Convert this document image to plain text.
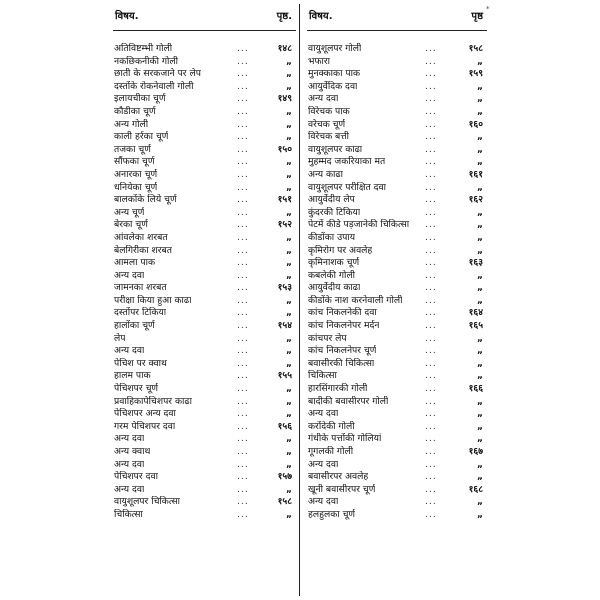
*
विषय.	पृष्ठ.
अतिविष्टम्भी गोली	...	१४८
नकछिकनीकी गोली	...	„
छाती के सरकजाने पर लेप	...	„
दस्तोंके रोकनेवाली गोली	...	„
इलायचीका चूर्ण	...	१४९
कौडीका चूर्ण	...	„
अन्य गोली	...	„
काली हर्रका चूर्ण	...	„
तजका चूर्ण	...	१५०
सौंफका चूर्ण	...	„
अनारका चूर्ण	...	„
धनियेका चूर्ण	...	„
बालकोंके लिये चूर्ण	...	१५१
अन्य चूर्ण	...	„
बेरका चूर्ण	...	१५२
आंवलेका शरबत	...	„
बेलगिरीका शरबत	...	„
आमला पाक	...	„
अन्य दवा	...	„
जामनका शरबत	...	१५३
परीक्षा किया हुआ काढा	...	„
दस्तोंपर टिकिया	...	„
हालोंका चूर्ण	...	१५४
लेप	...	„
अन्य दवा	...	„
पेचिश पर क्वाथ	...	„
हालम पाक	...	१५५
पेचिशपर चूर्ण	...	„
प्रवाहिकापेचिशपर काढा	...	„
पेचिशपर अन्य दवा	...	„
गरम पेचिशपर दवा	...	१५६
अन्य दवा	...	„
अन्य क्वाथ	...	„
अन्य दवा	...	„
पेचिशपर दवा	...	१५७
अन्य दवा	...	„
वायुशूलपर चिकित्सा	...	१५८
चिकित्सा	...	„
विषय.	पृष्ठ
वायुशूलपर गोली	...	१५८
भफारा	...	„
मुनक्काका पाक	...	१५९
आयुर्वेदिक दवा	...	„
अन्य दवा	...	„
विरेचक पाक	...	„
वरेचक चूर्ण	...	१६०
विरेचक बत्ती	...	„
वायुशूलपर काढा	...	„
मुहम्मद जकरियाका मत	...	„
अन्य काढा	...	१६१
वायुशूलपर परीक्षित दवा	...	„
आयुर्वेदीय लेप	...	१६२
कुंदरकी टिकिया	...	„
पेटमें कीडे पड़जानेकी चिकित्सा ...	„
कीडोंका उपाय	...	„
कृमिरोग पर अवलेह	...	„
कृमिनाशक चूर्ण	...	१६३
कबलेकी गोली	...	„
आयुर्वेदीय काढा	...	„
कीडोंके नाश करनेवाली गोली ...	„
कांच निकलनेकी दवा	...	१६४
कांच निकलनेपर मर्दन	...	१६५
कांचपर लेप	...	„
कांच निकलनेपर चूर्ण	...	„
बवासीरकी चिकित्सा	...	„
चिकित्सा	...	„
हारसिंगारकी गोली	...	१६६
बादीकी बवासीरपर गोली	...	„
अन्य दवा	...	„
करोंदेकी गोली	...	„
गंधीके पत्तोंकी गोलियां	...	„
गूगलकी गोली	...	१६७
अन्य दवा	...	„
बवासीरपर अवलेह	...	„
खूनी बवासीरपर चूर्ण	...	१६८
अन्य दवा	...	„
हलहुलका चूर्ण	...	„
